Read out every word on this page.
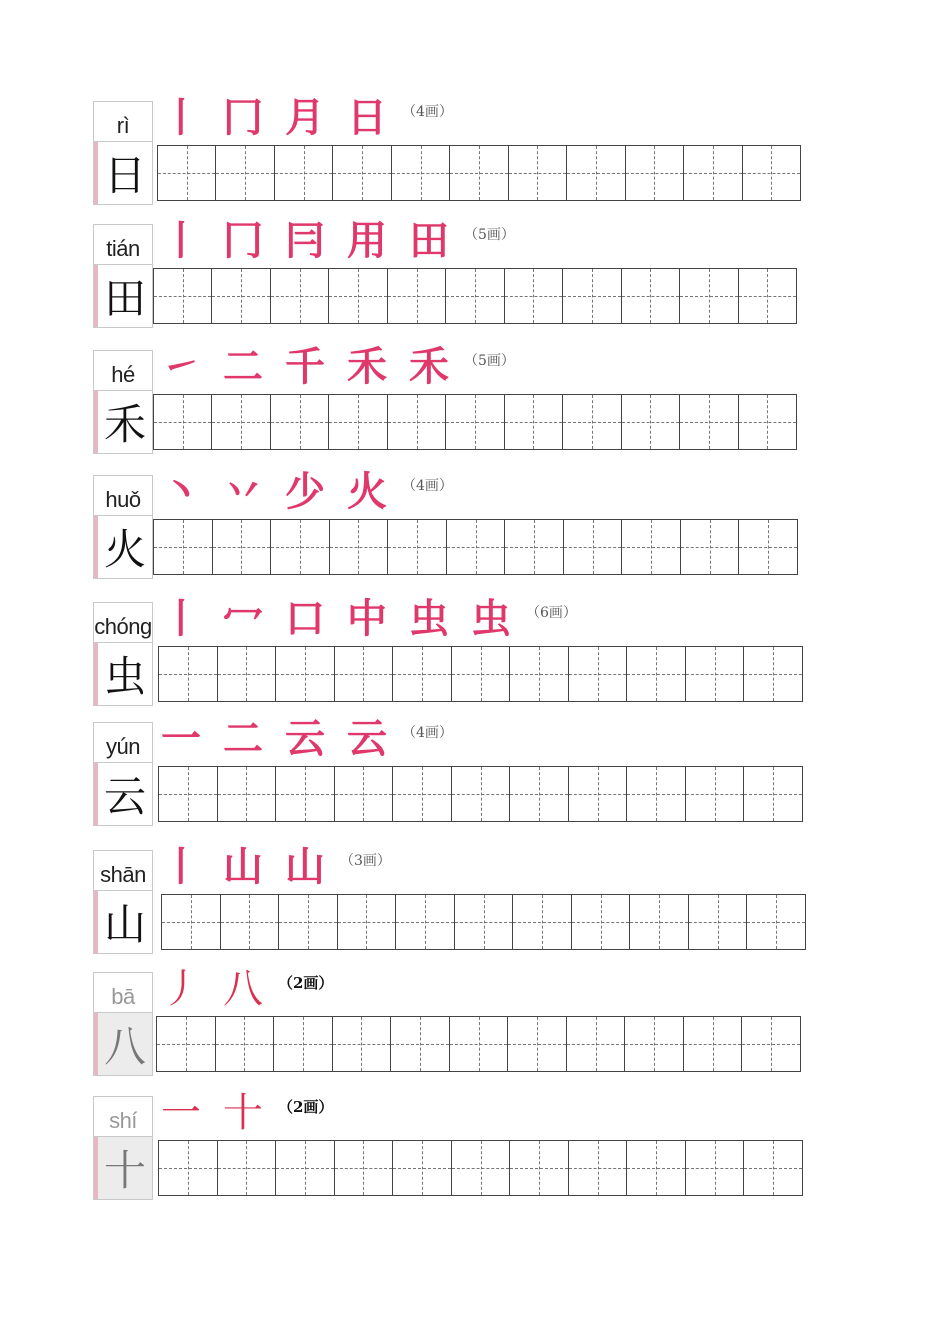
rì
日
丨 冂 月 日	（4画）
tián
田
丨 冂 冃 用 田	（5画）
hé
禾
㇀ 二 千 禾 禾	（5画）
huǒ
火
丶 丷 少 火	（4画）
chóng
虫
丨 冖 口 中 虫 虫	（6画）
yún
云
一 二 云 云	（4画）
shān
山
丨 山 山	（3画）
bā
八
丿 八	（2画）
shí
十
一 十	（2画）
